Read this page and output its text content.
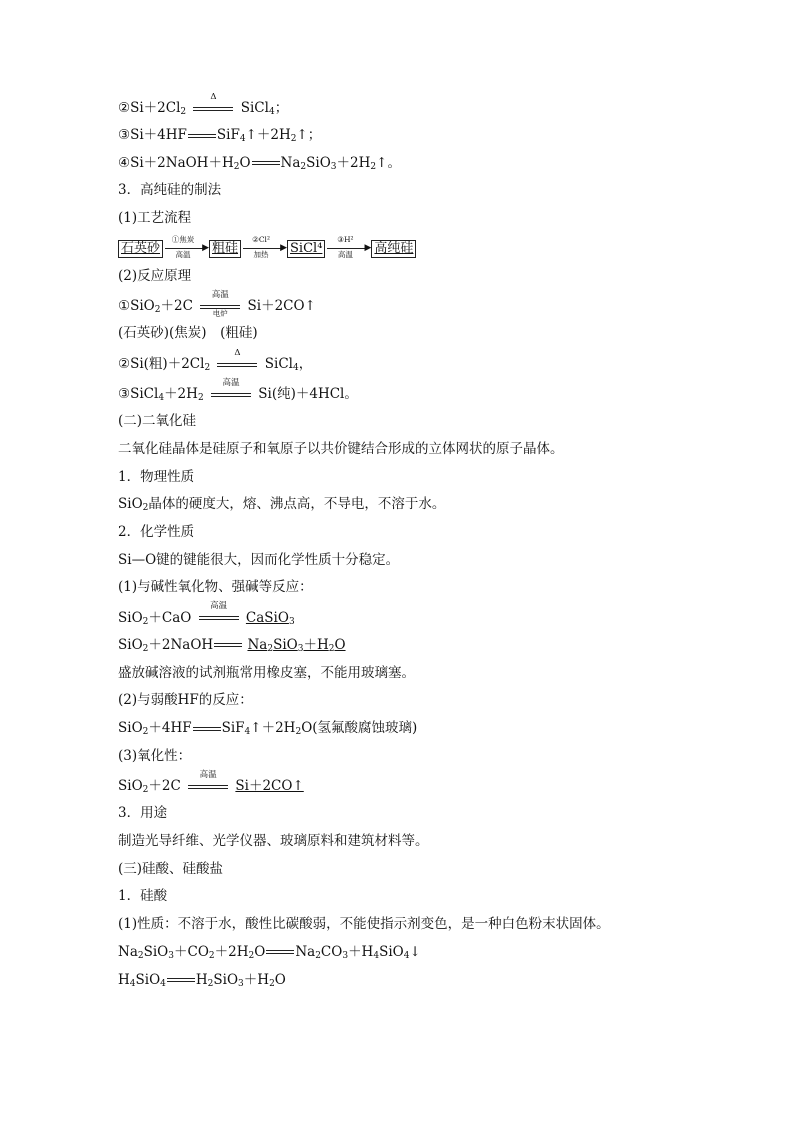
$②Si+2Cl_2$
Δ
SiCl$_4$；
③Si＋4HF $SiF_4↑+2H_2↑$；
$④Si+2NaOH+H_2O$ $Na_2SiO_3+2H_2↑$。
3．高纯硅的制法
(1)工艺流程
石英砂
①焦炭
▶
高温	粗硅
②Cl²
▶
加热	SiCl⁴
③H²
▶
高温	高纯硅
(2)反应原理
①SiO$_2$＋2C
高温
电炉	Si＋2CO↑
(石英砂)(焦炭)　(粗硅)
②Si(粗)$+2Cl_2$
Δ
SiCl$_4$，
$③SiCl_4+2H_2$
高温
Si(纯)＋4HCl。
(二)二氧化硅
二氧化硅晶体是硅原子和氧原子以共价键结合形成的立体网状的原子晶体。
1．物理性质
SiO$_2$晶体的硬度大，熔、沸点高，不导电，不溶于水。
2．化学性质
Si—O键的键能很大，因而化学性质十分稳定。
(1)与碱性氧化物、强碱等反应：
SiO$_2$＋CaO
高温
CaSiO$_3$
SiO$_2$＋2NaOH	$Na_2SiO_3+H_2O$
盛放碱溶液的试剂瓶常用橡皮塞，不能用玻璃塞。
(2)与弱酸HF的反应：
SiO$_2$＋4HF $SiF_4↑+2H_2O$(氢氟酸腐蚀玻璃)
(3)氧化性：
SiO$_2$＋2C
高温
Si＋2CO↑
3．用途
制造光导纤维、光学仪器、玻璃原料和建筑材料等。
(三)硅酸、硅酸盐
1．硅酸
(1)性质：不溶于水，酸性比碳酸弱，不能使指示剂变色，是一种白色粉末状固体。
$Na_2SiO_3+CO_2+2H_2O$ $Na_2CO_3+H_4SiO_4↓$
$H_4SiO_4$ $H_2SiO_3+H_2O$
